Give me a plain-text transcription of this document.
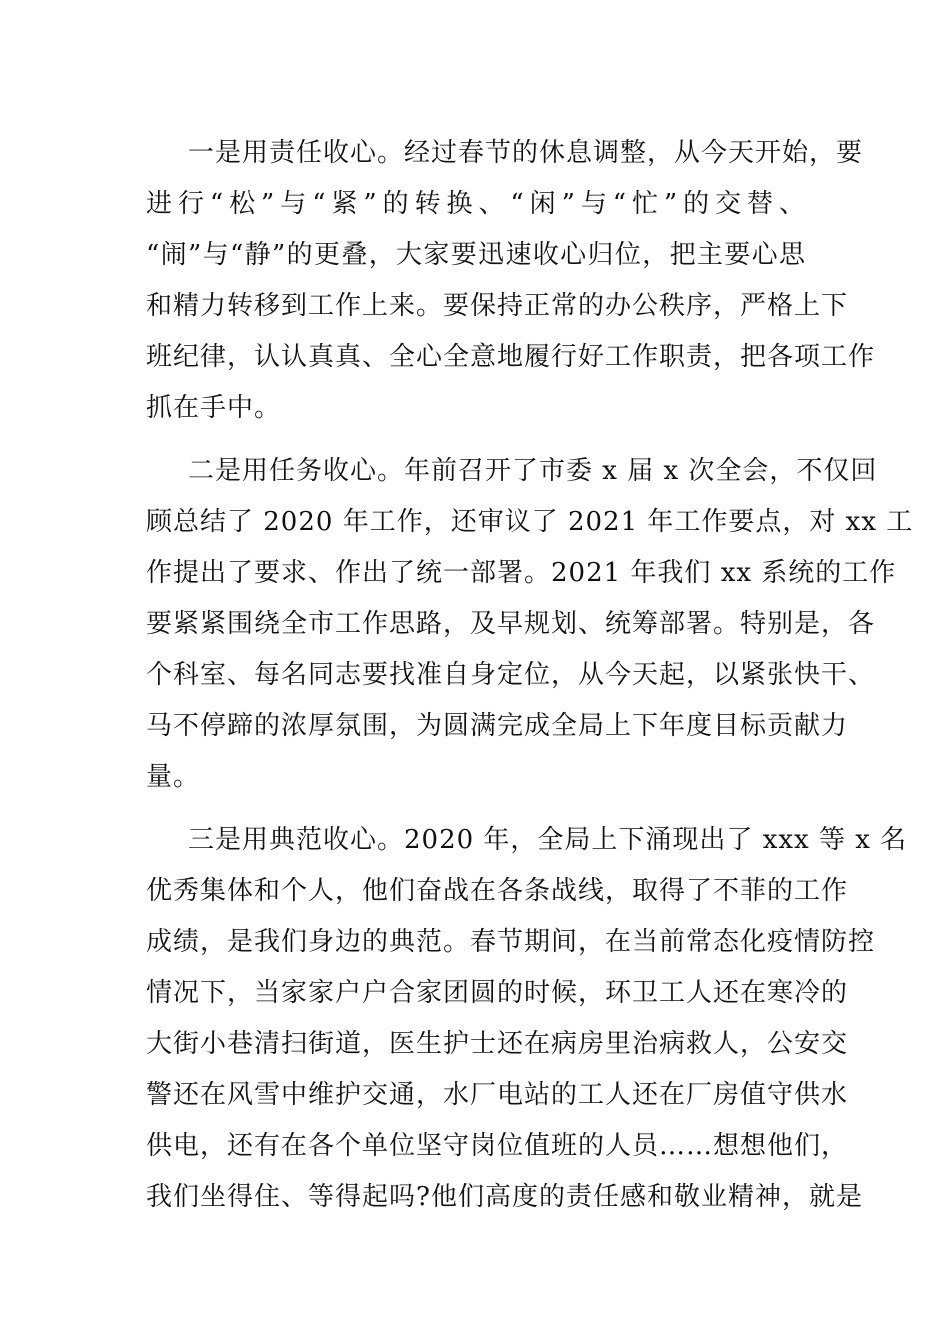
一是用责任收心。经过春节的休息调整，从今天开始，要
进行“松”与“紧”的转换、“闲”与“忙”的交替、
“闹”与“静”的更叠，大家要迅速收心归位，把主要心思
和精力转移到工作上来。要保持正常的办公秩序，严格上下
班纪律，认认真真、全心全意地履行好工作职责，把各项工作
抓在手中。
二是用任务收心。年前召开了市委 x 届 x 次全会，不仅回
顾总结了 2020 年工作，还审议了 2021 年工作要点，对 xx 工
作提出了要求、作出了统一部署。2021 年我们 xx 系统的工作
要紧紧围绕全市工作思路，及早规划、统筹部署。特别是，各
个科室、每名同志要找准自身定位，从今天起，以紧张快干、
马不停蹄的浓厚氛围，为圆满完成全局上下年度目标贡献力
量。
三是用典范收心。2020 年，全局上下涌现出了 xxx 等 x 名
优秀集体和个人，他们奋战在各条战线，取得了不菲的工作
成绩，是我们身边的典范。春节期间，在当前常态化疫情防控
情况下，当家家户户合家团圆的时候，环卫工人还在寒冷的
大街小巷清扫街道，医生护士还在病房里治病救人，公安交
警还在风雪中维护交通，水厂电站的工人还在厂房值守供水
供电，还有在各个单位坚守岗位值班的人员……想想他们，
我们坐得住、等得起吗?他们高度的责任感和敬业精神，就是
